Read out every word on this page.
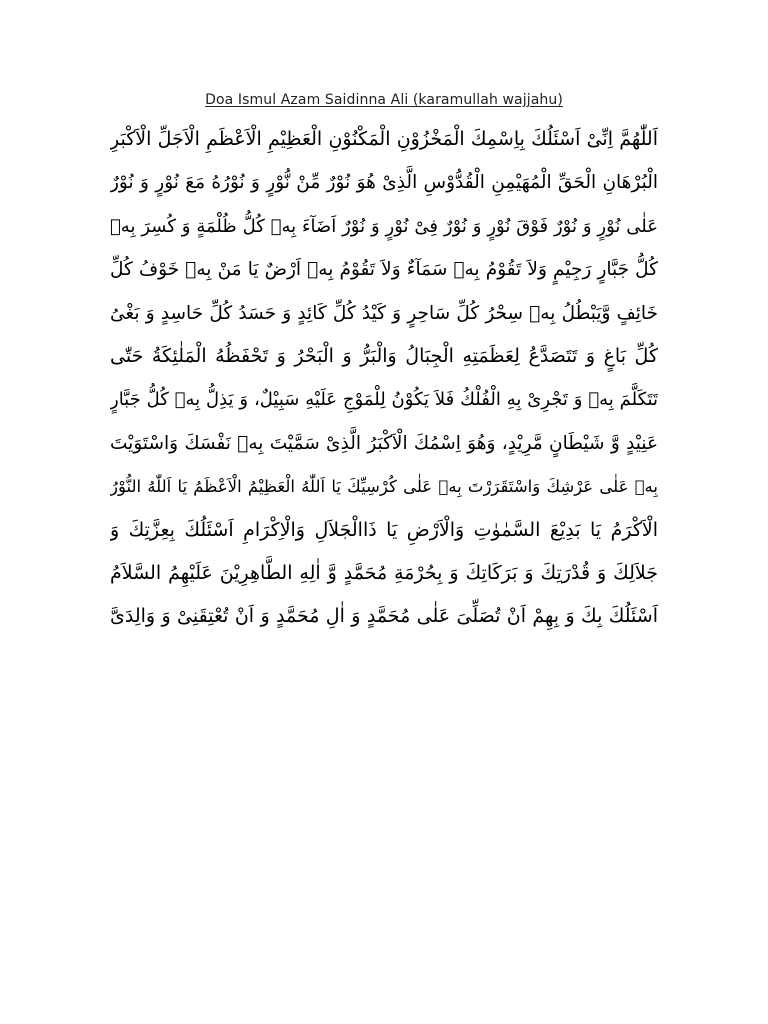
Doa Ismul Azam Saidinna Ali (karamullah wajjahu)
اَللّٰهُمَّ اِنِّىْ اَسْئَلُكَ بِاِسْمِكَ الْمَخْزُوْنِ الْمَكْنُوْنِ الْعَظِيْمِ الْاَعْظَمِ الْاَجَلِّ الْاَكْبَرِ
الْبُرْهَانِ الْحَقِّ الْمُهَيْمِنِ الْقُدُّوْسِ الَّذِىْ هُوَ نُوْرٌ مِّنْ نُّوْرٍ وَ نُوْرُهُ مَعَ نُوْرٍ وَ نُوْرٌ
عَلٰى نُوْرٍ وَ نُوْرٌ فَوْقَ نُوْرٍ وَ نُوْرٌ فِىْ نُوْرٍ وَ نُوْرٌ اَضَآءَ بِهٖ كُلُّ ظُلْمَةٍ وَ كُسِرَ بِهٖ
كُلُّ جَبَّارٍ رَجِيْمٍ وَلاَ تَقُوْمُ بِهٖ سَمَآءٌ وَلاَ تَقُوْمُ بِهٖ اَرْضٌ يَا مَنْ بِهٖ خَوْفُ كُلِّ
خَائِفٍ وَّيَبْطُلُ بِهٖ سِحْرُ كُلِّ سَاحِرٍ وَ كَيْدُ كُلِّ كَائِدٍ وَ حَسَدُ كُلِّ حَاسِدٍ وَ بَغْىُ
كُلِّ بَاغٍ وَ تَتَصَدَّعُ لِعَظَمَتِهِ الْجِبَالُ وَالْبَرُّ وَ الْبَحْرُ وَ تَحْفَظُهُ الْمَلٰئِكَةُ حَتّٰى
تَتَكَلَّمَ بِهٖ وَ تَجْرِىْ بِهِ الْفُلْكُ فَلاَ يَكُوْنُ لِلْمَوْجِ عَلَيْهِ سَبِيْلٌ، وَ يَذِلُّ بِهٖ كُلُّ جَبَّارٍ
عَنِيْدٍ وَّ شَيْطَانٍ مَّرِيْدٍ، وَهُوَ اِسْمُكَ الْاَكْبَرُ الَّذِىْ سَمَّيْتَ بِهٖ نَفْسَكَ وَاسْتَوَيْتَ
بِهٖ عَلٰى عَرْشِكَ وَاسْتَقَرَرْتَ بِهٖ عَلٰى كُرْسِيِّكَ يَا اَللّٰهُ الْعَظِيْمُ الْاَعْظَمُ يَا اَللّٰهُ النُّوْرُ
الْاَكْرَمُ يَا بَدِيْعَ السَّمٰوٰتِ وَالْاَرْضِ يَا ذَاالْجَلاَلِ وَالْاِكْرَامِ اَسْئَلُكَ بِعِزَّتِكَ وَ
جَلاَلِكَ وَ قُدْرَتِكَ وَ بَرَكَاتِكَ وَ بِحُرْمَةِ مُحَمَّدٍ وَّ اٰلِهِ الطَّاهِرِيْنَ عَلَيْهِمُ السَّلاَمُ
اَسْئَلُكَ بِكَ وَ بِهِمْ اَنْ تُصَلِّىَ عَلٰى مُحَمَّدٍ وَ اٰلِ مُحَمَّدٍ وَ اَنْ تُعْتِقَنِىْ وَ وَالِدَىَّ
